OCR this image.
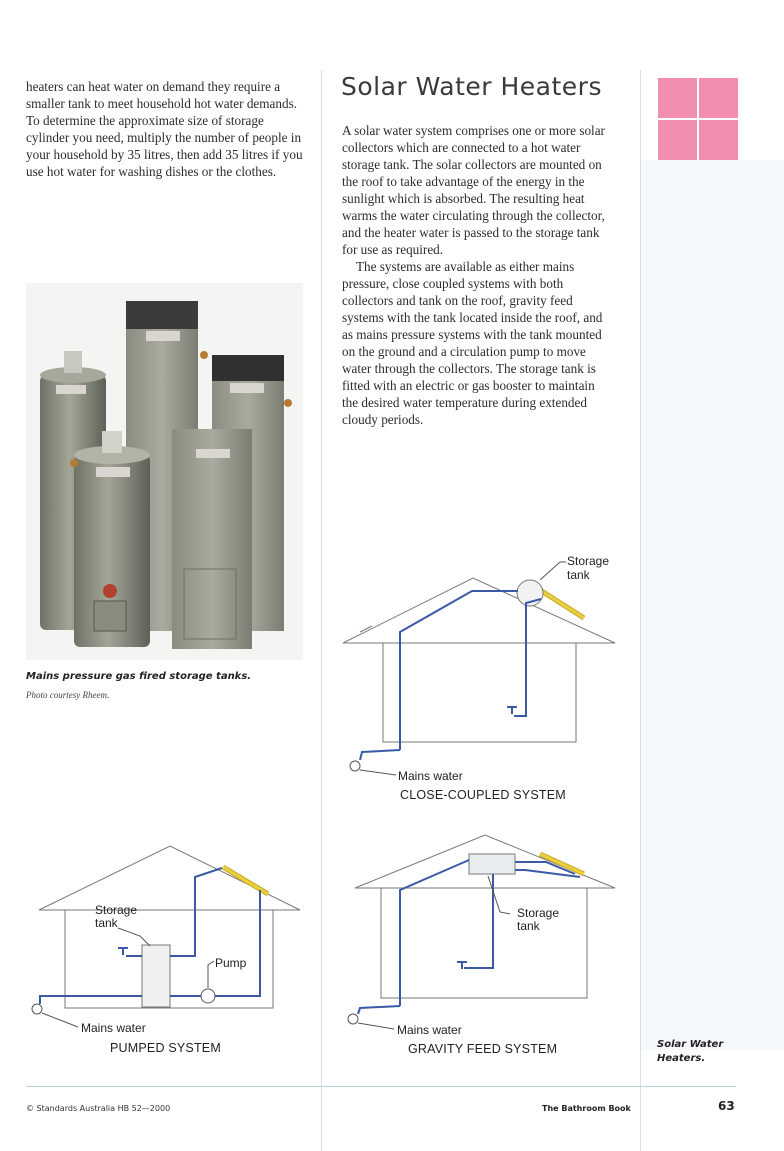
heaters can heat water on demand they require a smaller tank to meet household hot water demands. To determine the approximate size of storage cylinder you need, multiply the number of people in your household by 35 litres, then add 35 litres if you use hot water for washing dishes or the clothes.
Solar Water Heaters

A solar water system comprises one or more solar collectors which are connected to a hot water storage tank. The solar collectors are mounted on the roof to take advantage of the energy in the sunlight which is absorbed. The resulting heat warms the water circulating through the collector, and the heater water is passed to the storage tank for use as required.

The systems are available as either mains pressure, close coupled systems with both collectors and tank on the roof, gravity feed systems with the tank located inside the roof, and as mains pressure systems with the tank mounted on the ground and a circulation pump to move water through the collectors. The storage tank is fitted with an electric or gas booster to maintain the desired water temperature during extended cloudy periods.

Mains pressure gas fired storage tanks.
Photo courtesy Rheem.
Storage
tank
Mains water
CLOSE-COUPLED SYSTEM
Storage
tank
Pump
Mains water
PUMPED SYSTEM
Storage
tank
Mains water
GRAVITY FEED SYSTEM	Solar Water Heaters.
© Standards Australia HB 52—2000	The Bathroom Book	63
